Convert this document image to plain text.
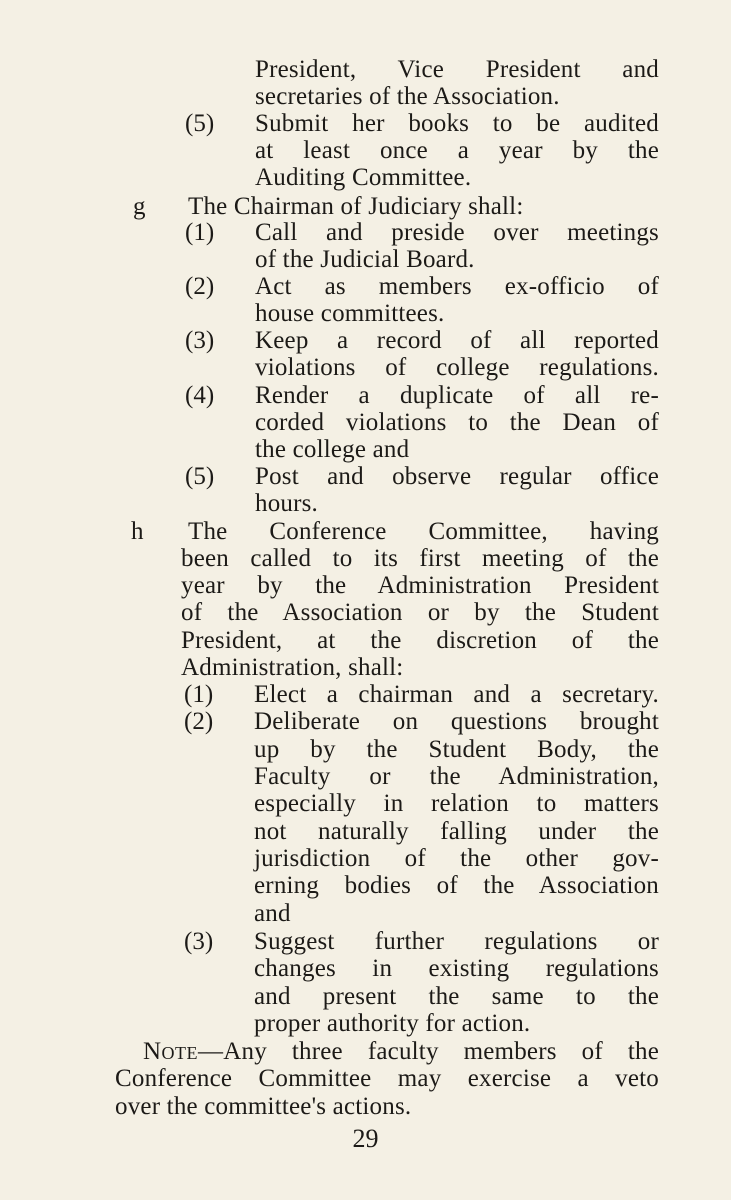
President, Vice President and
secretaries of the Association.
(5) Submit her books to be audited
at least once a year by the
Auditing Committee.
g The Chairman of Judiciary shall:
(1) Call and preside over meetings
of the Judicial Board.
(2) Act as members ex-officio of
house committees.
(3) Keep a record of all reported
violations of college regulations.
(4) Render a duplicate of all re-
corded violations to the Dean of
the college and
(5) Post and observe regular office
hours.
h The Conference Committee, having
been called to its first meeting of the
year by the Administration President
of the Association or by the Student
President, at the discretion of the
Administration, shall:
(1) Elect a chairman and a secretary.
(2) Deliberate on questions brought
up by the Student Body, the
Faculty or the Administration,
especially in relation to matters
not naturally falling under the
jurisdiction of the other gov-
erning bodies of the Association
and
(3) Suggest further regulations or
changes in existing regulations
and present the same to the
proper authority for action.
Note—Any three faculty members of the
Conference Committee may exercise a veto
over the committee's actions.
29
